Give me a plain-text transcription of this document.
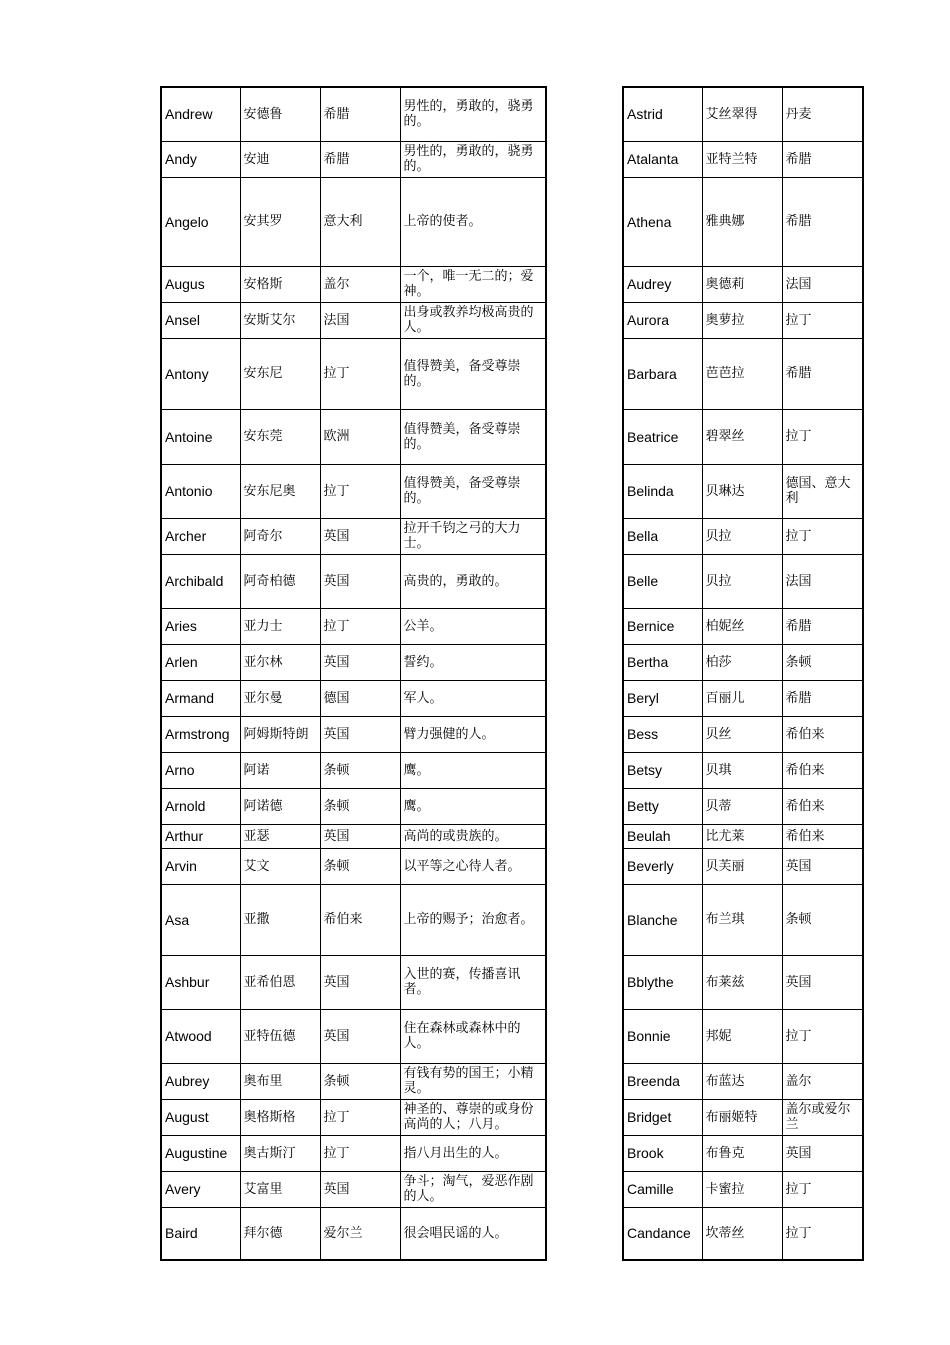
Andrew	安德鲁	希腊	男性的，勇敢的，骁勇的。
Andy	安迪	希腊	男性的，勇敢的，骁勇的。
Angelo	安其罗	意大利	上帝的使者。
Augus	安格斯	盖尔	一个，唯一无二的；爱神。
Ansel	安斯艾尔	法国	出身或教养均极高贵的人。
Antony	安东尼	拉丁	值得赞美，备受尊崇的。
Antoine	安东莞	欧洲	值得赞美，备受尊崇的。
Antonio	安东尼奥	拉丁	值得赞美，备受尊崇的。
Archer	阿奇尔	英国	拉开千钧之弓的大力士。
Archibald	阿奇柏德	英国	高贵的，勇敢的。
Aries	亚力士	拉丁	公羊。
Arlen	亚尔林	英国	誓约。
Armand	亚尔曼	德国	军人。
Armstrong	阿姆斯特朗	英国	臂力强健的人。
Arno	阿诺	条顿	鹰。
Arnold	阿诺德	条顿	鹰。
Arthur	亚瑟	英国	高尚的或贵族的。
Arvin	艾文	条顿	以平等之心待人者。
Asa	亚撒	希伯来	上帝的赐予；治愈者。
Ashbur	亚希伯恩	英国	入世的赛，传播喜讯者。
Atwood	亚特伍德	英国	住在森林或森林中的人。
Aubrey	奥布里	条顿	有钱有势的国王；小精灵。
August	奥格斯格	拉丁	神圣的、尊崇的或身份高尚的人；八月。
Augustine	奥古斯汀	拉丁	指八月出生的人。
Avery	艾富里	英国	争斗；淘气，爱恶作剧的人。
Baird	拜尔德	爱尔兰	很会唱民谣的人。
Astrid	艾丝翠得	丹麦
Atalanta	亚特兰特	希腊
Athena	雅典娜	希腊
Audrey	奥德莉	法国
Aurora	奥萝拉	拉丁
Barbara	芭芭拉	希腊
Beatrice	碧翠丝	拉丁
Belinda	贝琳达	德国、意大利
Bella	贝拉	拉丁
Belle	贝拉	法国
Bernice	柏妮丝	希腊
Bertha	柏莎	条顿
Beryl	百丽儿	希腊
Bess	贝丝	希伯来
Betsy	贝琪	希伯来
Betty	贝蒂	希伯来
Beulah	比尤莱	希伯来
Beverly	贝芙丽	英国
Blanche	布兰琪	条顿
Bblythe	布莱兹	英国
Bonnie	邦妮	拉丁
Breenda	布蓝达	盖尔
Bridget	布丽姬特	盖尔或爱尔兰
Brook	布鲁克	英国
Camille	卡蜜拉	拉丁
Candance	坎蒂丝	拉丁
